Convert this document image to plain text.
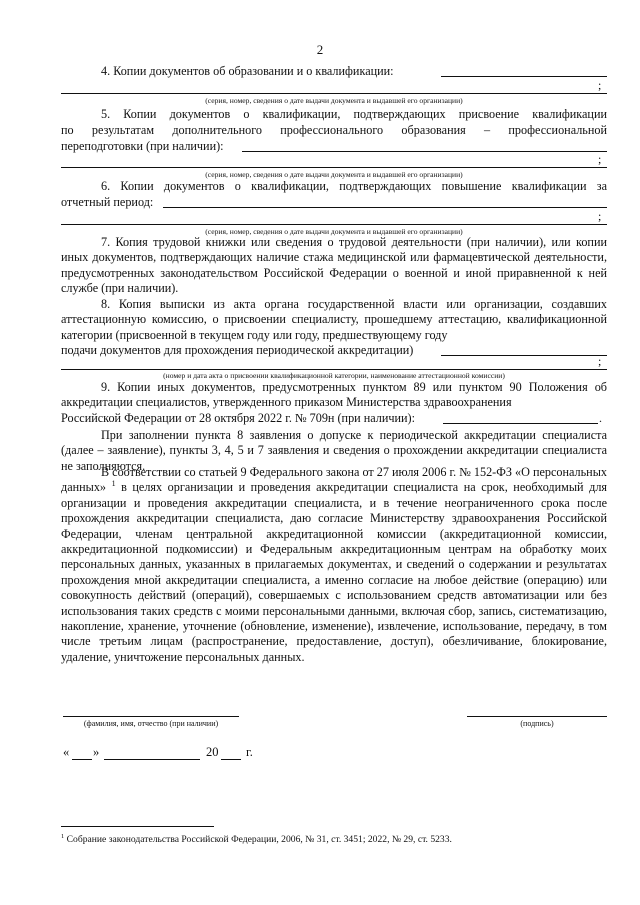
2
4. Копии документов об образовании и о квалификации:
;
(серия, номер, сведения о дате выдачи документа и выдавшей его организации)
5. Копии документов о квалификации, подтверждающих присвоение квалификации
по результатам дополнительного профессионального образования – профессиональной
переподготовки (при наличии):
;
(серия, номер, сведения о дате выдачи документа и выдавшей его организации)
6. Копии документов о квалификации, подтверждающих повышение квалификации за
отчетный период:
;
(серия, номер, сведения о дате выдачи документа и выдавшей его организации)
7. Копия трудовой книжки или сведения о трудовой деятельности (при наличии), или копии иных документов, подтверждающих наличие стажа медицинской или фармацевтической деятельности, предусмотренных законодательством Российской Федерации о военной и иной приравненной к ней службе (при наличии).
8. Копия выписки из акта органа государственной власти или организации, создавших аттестационную комиссию, о присвоении специалисту, прошедшему аттестацию, квалификационной категории (присвоенной в текущем году или году, предшествующему году
подачи документов для прохождения периодической аккредитации)
;
(номер и дата акта о присвоении квалификационной категории, наименование аттестационной комиссии)
9. Копии иных документов, предусмотренных пунктом 89 или пунктом 90 Положения об аккредитации специалистов, утвержденного приказом Министерства здравоохранения
Российской Федерации от 28 октября 2022 г. № 709н (при наличии):	.
При заполнении пункта 8 заявления о допуске к периодической аккредитации специалиста (далее – заявление), пункты 3, 4, 5 и 7 заявления и сведения о прохождении аккредитации специалиста не заполняются.
В соответствии со статьей 9 Федерального закона от 27 июля 2006 г. № 152-ФЗ «О персональных данных» $^1$ в целях организации и проведения аккредитации специалиста на срок, необходимый для организации и проведения аккредитации специалиста, и в течение неограниченного срока после прохождения аккредитации специалиста, даю согласие Министерству здравоохранения Российской Федерации, членам центральной аккредитационной комиссии (аккредитационной комиссии, аккредитационной подкомиссии) и Федеральным аккредитационным центрам на обработку моих персональных данных, указанных в прилагаемых документах, и сведений о содержании и результатах прохождения мной аккредитации специалиста, а именно согласие на любое действие (операцию) или совокупность действий (операций), совершаемых с использованием средств автоматизации или без использования таких средств с моими персональными данными, включая сбор, запись, систематизацию, накопление, хранение, уточнение (обновление, изменение), извлечение, использование, передачу, в том числе третьим лицам (распространение, предоставление, доступ), обезличивание, блокирование, удаление, уничтожение персональных данных.
(фамилия, имя, отчество (при наличии)	(подпись)
« »	20 г.
$^1$ Собрание законодательства Российской Федерации, 2006, № 31, ст. 3451; 2022, № 29, ст. 5233.
